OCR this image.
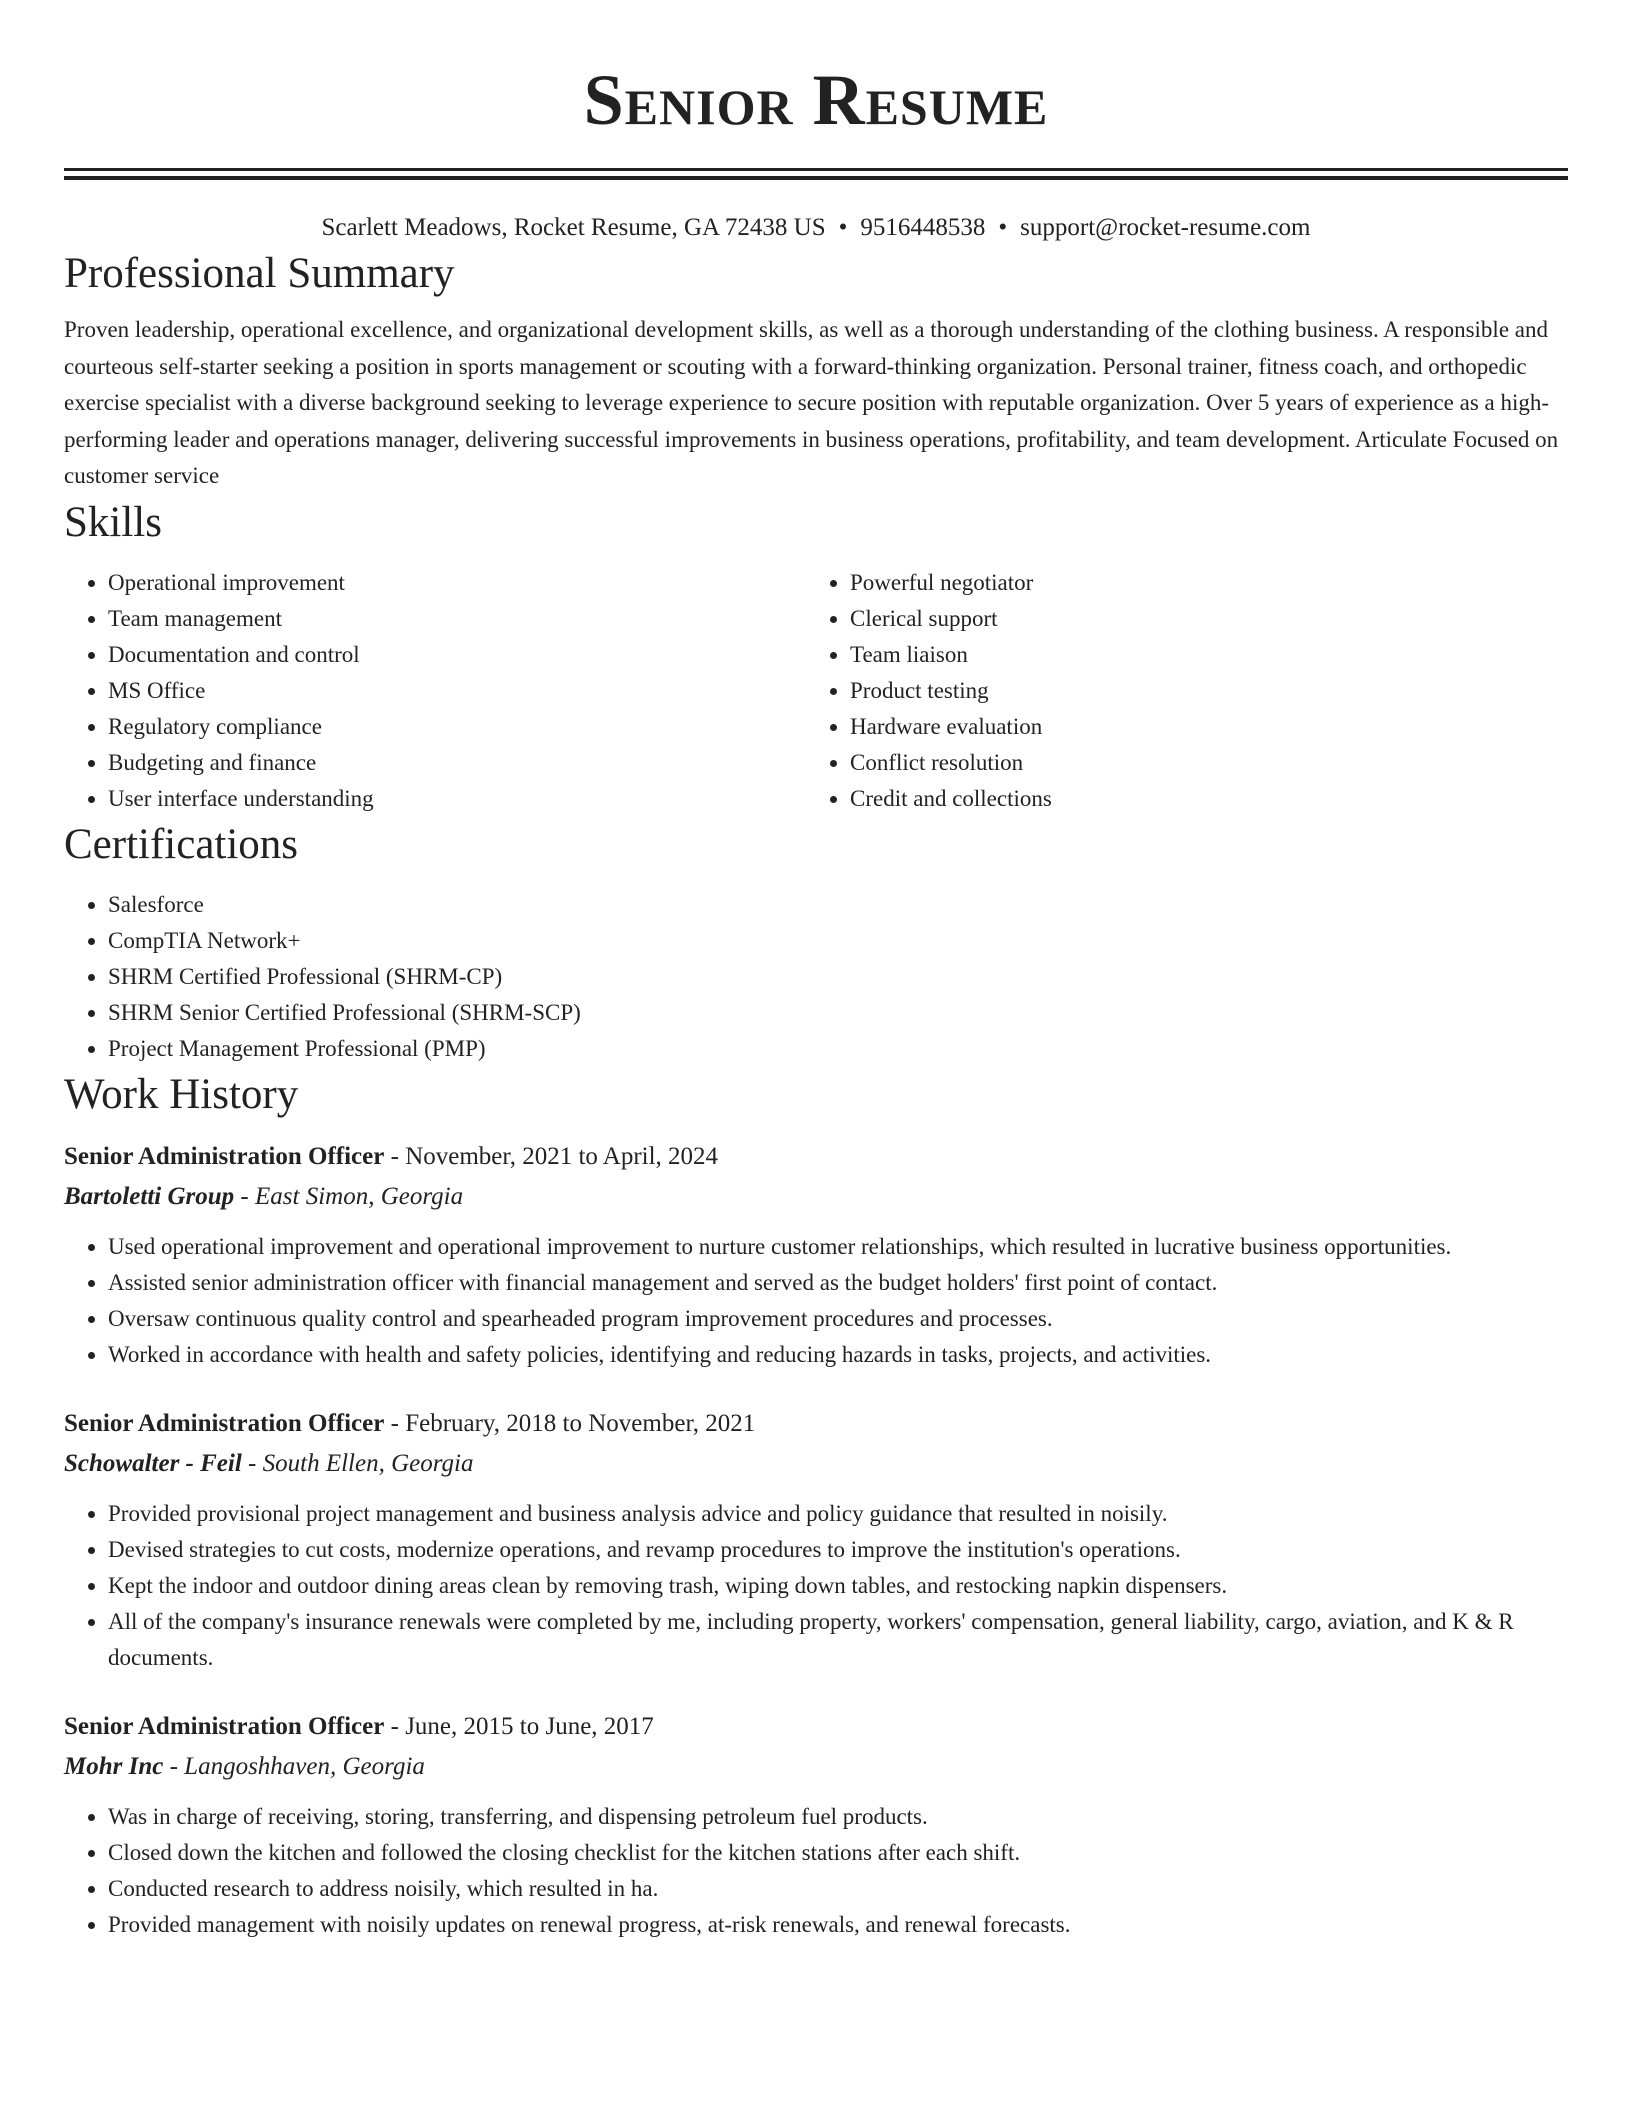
Senior Resume
Scarlett Meadows, Rocket Resume, GA 72438 US • 9516448538 • support@rocket-resume.com
Professional Summary

Proven leadership, operational excellence, and organizational development skills, as well as a thorough understanding of the clothing business. A responsible and courteous self-starter seeking a position in sports management or scouting with a forward-thinking organization. Personal trainer, fitness coach, and orthopedic exercise specialist with a diverse background seeking to leverage experience to secure position with reputable organization. Over 5 years of experience as a high-performing leader and operations manager, delivering successful improvements in business operations, profitability, and team development. Articulate Focused on customer service

Skills
• Operational improvement
• Team management
• Documentation and control
• MS Office
• Regulatory compliance
• Budgeting and finance
• User interface understanding
• Powerful negotiator
• Clerical support
• Team liaison
• Product testing
• Hardware evaluation
• Conflict resolution
• Credit and collections
Certifications
• Salesforce
• CompTIA Network+
• SHRM Certified Professional (SHRM-CP)
• SHRM Senior Certified Professional (SHRM-SCP)
• Project Management Professional (PMP)
Work History
Senior Administration Officer - November, 2021 to April, 2024
Bartoletti Group - East Simon, Georgia
• Used operational improvement and operational improvement to nurture customer relationships, which resulted in lucrative business opportunities.
• Assisted senior administration officer with financial management and served as the budget holders' first point of contact.
• Oversaw continuous quality control and spearheaded program improvement procedures and processes.
• Worked in accordance with health and safety policies, identifying and reducing hazards in tasks, projects, and activities.
Senior Administration Officer - February, 2018 to November, 2021
Schowalter - Feil - South Ellen, Georgia
• Provided provisional project management and business analysis advice and policy guidance that resulted in noisily.
• Devised strategies to cut costs, modernize operations, and revamp procedures to improve the institution's operations.
• Kept the indoor and outdoor dining areas clean by removing trash, wiping down tables, and restocking napkin dispensers.
• All of the company's insurance renewals were completed by me, including property, workers' compensation, general liability, cargo, aviation, and K & R documents.
Senior Administration Officer - June, 2015 to June, 2017
Mohr Inc - Langoshhaven, Georgia
• Was in charge of receiving, storing, transferring, and dispensing petroleum fuel products.
• Closed down the kitchen and followed the closing checklist for the kitchen stations after each shift.
• Conducted research to address noisily, which resulted in ha.
• Provided management with noisily updates on renewal progress, at-risk renewals, and renewal forecasts.
